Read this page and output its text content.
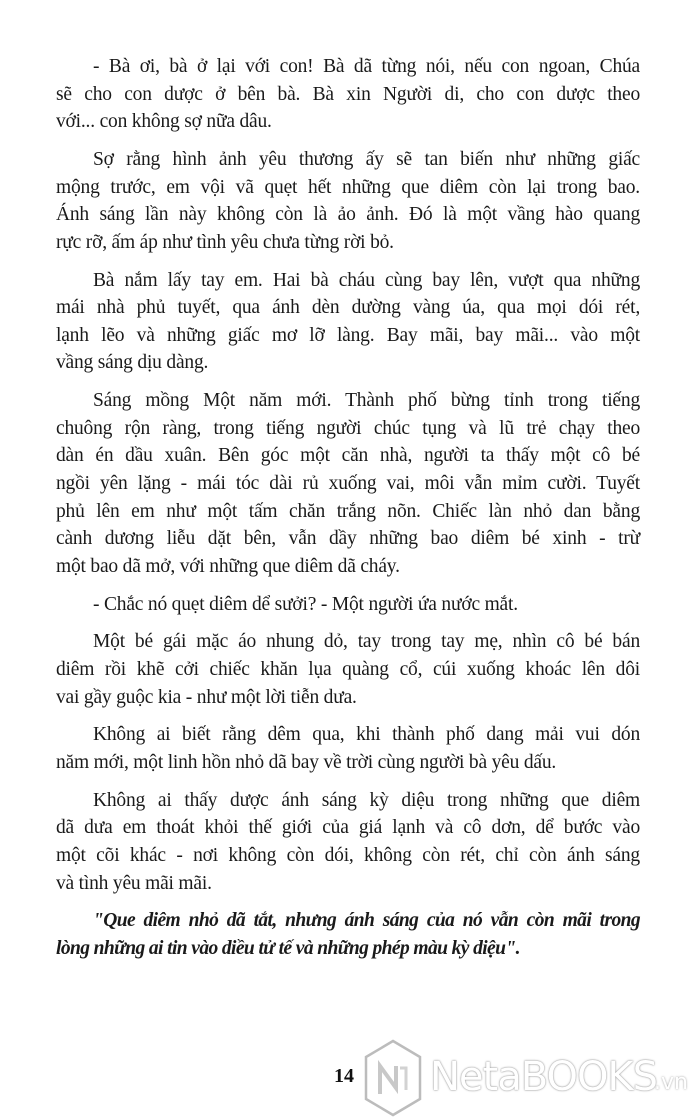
- Bà ơi, bà ở lại với con! Bà dã từng nói, nếu con ngoan, Chúa
sẽ cho con dược ở bên bà. Bà xin Người di, cho con dược theo
với... con không sợ nữa dâu.
Sợ rằng hình ảnh yêu thương ấy sẽ tan biến như những giấc
mộng trước, em vội vã quẹt hết những que diêm còn lại trong bao.
Ánh sáng lần này không còn là ảo ảnh. Đó là một vầng hào quang
rực rỡ, ấm áp như tình yêu chưa từng rời bỏ.
Bà nắm lấy tay em. Hai bà cháu cùng bay lên, vượt qua những
mái nhà phủ tuyết, qua ánh dèn dường vàng úa, qua mọi dói rét,
lạnh lẽo và những giấc mơ lỡ làng. Bay mãi, bay mãi... vào một
vầng sáng dịu dàng.
Sáng mồng Một năm mới. Thành phố bừng tỉnh trong tiếng
chuông rộn ràng, trong tiếng người chúc tụng và lũ trẻ chạy theo
dàn én dầu xuân. Bên góc một căn nhà, người ta thấy một cô bé
ngồi yên lặng - mái tóc dài rủ xuống vai, môi vẫn mỉm cười. Tuyết
phủ lên em như một tấm chăn trắng nõn. Chiếc làn nhỏ dan bằng
cành dương liễu dặt bên, vẫn dầy những bao diêm bé xinh - trừ
một bao dã mở, với những que diêm dã cháy.
- Chắc nó quẹt diêm dể sưởi? - Một người ứa nước mắt.
Một bé gái mặc áo nhung dỏ, tay trong tay mẹ, nhìn cô bé bán
diêm rồi khẽ cởi chiếc khăn lụa quàng cổ, cúi xuống khoác lên dôi
vai gầy guộc kia - như một lời tiễn dưa.
Không ai biết rằng dêm qua, khi thành phố dang mải vui dón
năm mới, một linh hồn nhỏ dã bay về trời cùng người bà yêu dấu.
Không ai thấy dược ánh sáng kỳ diệu trong những que diêm
dã dưa em thoát khỏi thế giới của giá lạnh và cô dơn, dể bước vào
một cõi khác - nơi không còn dói, không còn rét, chỉ còn ánh sáng
và tình yêu mãi mãi.
"Que diêm nhỏ dã tắt, nhưng ánh sáng của nó vẫn còn mãi trong
lòng những ai tin vào diều tử tế và những phép màu kỳ diệu".
14 NetaBOOKS
.vn
